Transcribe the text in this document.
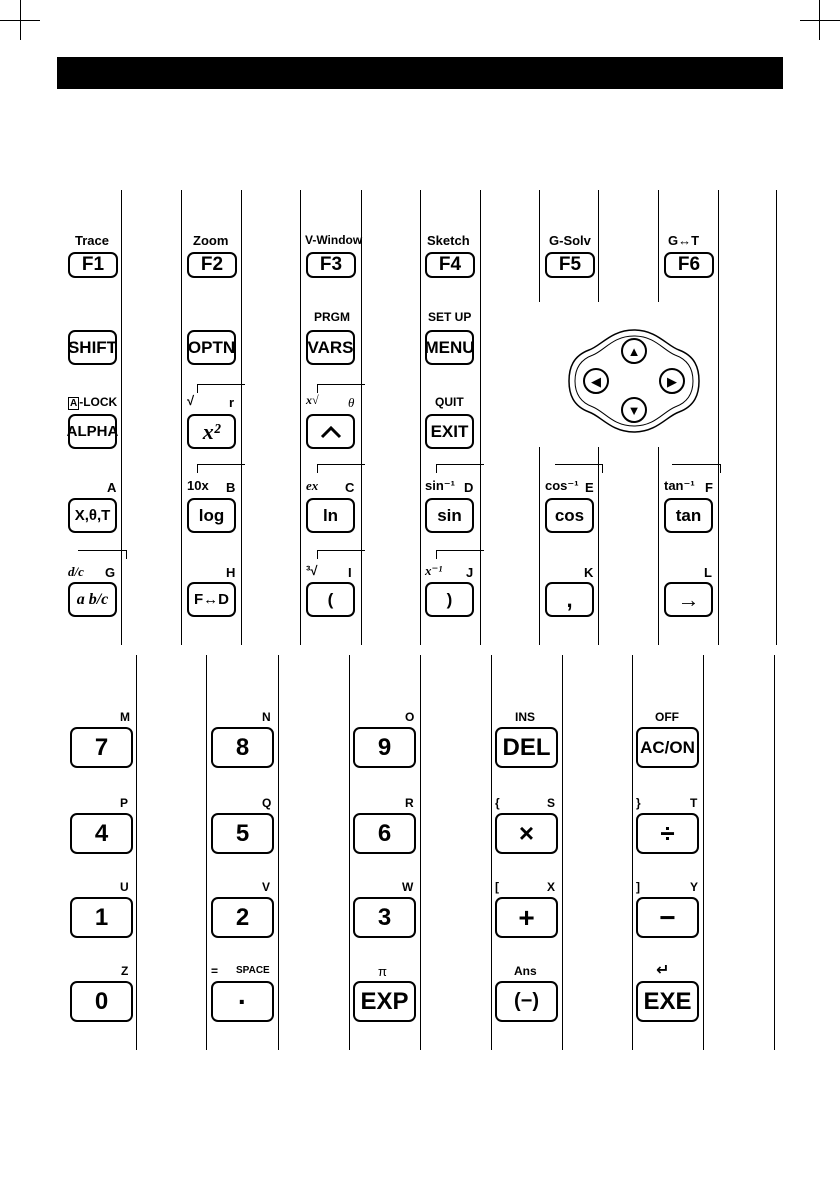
Trace
F1
Zoom
F2
V-Window
F3
Sketch
F4
G-Solv
F5
G↔T
F6
SHIFT	OPTN
PRGM
VARS
SET UP
MENU	▲
▼
◀	▶
A -LOCK
ALPHA
√	r
x²
x√ θ	QUIT
EXIT
A
X,θ,T
10x B
log
ex C
ln
sin⁻¹ D
sin
cos⁻¹ E
cos
tan⁻¹ F
tan
d/c G
a b/c
H
F↔D
³√ I
(
x⁻¹ J
)
K
,
L
→
M
7
N
8
O
9
INS
DEL
OFF
AC/ON
P
4
Q
5
R
6
{	S
×
}	T
÷
U
1
V
2
W
3
[	X
+
]	Y
−
Z
0
= SPACE
·
π
EXP
Ans
(−)
↵
EXE
